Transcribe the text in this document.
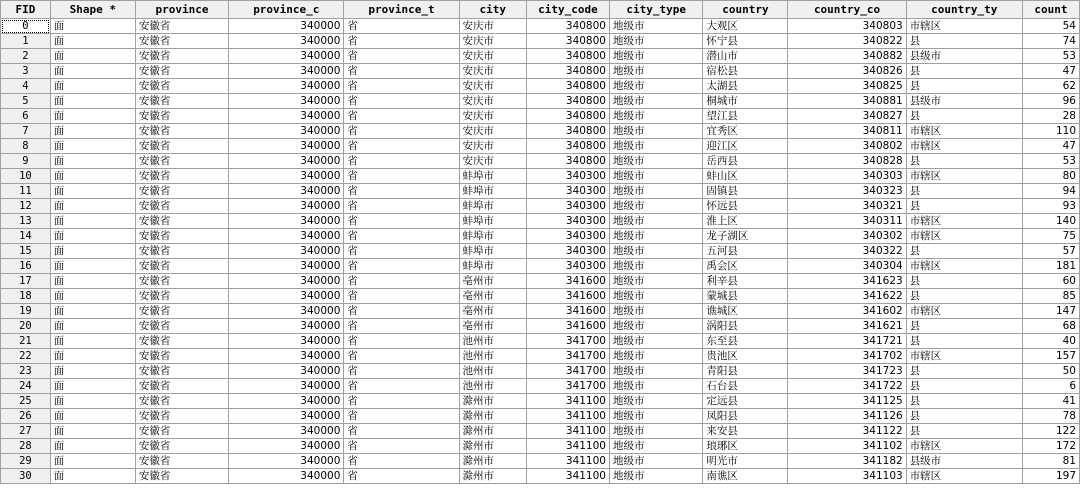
FID	Shape *	province	province_c	province_t	city	city_code	city_type	country	country_co	country_ty	count
0	面	安徽省	340000	省	安庆市	340800	地级市	大观区	340803	市辖区	54
1	面	安徽省	340000	省	安庆市	340800	地级市	怀宁县	340822	县	74
2	面	安徽省	340000	省	安庆市	340800	地级市	潜山市	340882	县级市	53
3	面	安徽省	340000	省	安庆市	340800	地级市	宿松县	340826	县	47
4	面	安徽省	340000	省	安庆市	340800	地级市	太湖县	340825	县	62
5	面	安徽省	340000	省	安庆市	340800	地级市	桐城市	340881	县级市	96
6	面	安徽省	340000	省	安庆市	340800	地级市	望江县	340827	县	28
7	面	安徽省	340000	省	安庆市	340800	地级市	宜秀区	340811	市辖区	110
8	面	安徽省	340000	省	安庆市	340800	地级市	迎江区	340802	市辖区	47
9	面	安徽省	340000	省	安庆市	340800	地级市	岳西县	340828	县	53
10	面	安徽省	340000	省	蚌埠市	340300	地级市	蚌山区	340303	市辖区	80
11	面	安徽省	340000	省	蚌埠市	340300	地级市	固镇县	340323	县	94
12	面	安徽省	340000	省	蚌埠市	340300	地级市	怀远县	340321	县	93
13	面	安徽省	340000	省	蚌埠市	340300	地级市	淮上区	340311	市辖区	140
14	面	安徽省	340000	省	蚌埠市	340300	地级市	龙子湖区	340302	市辖区	75
15	面	安徽省	340000	省	蚌埠市	340300	地级市	五河县	340322	县	57
16	面	安徽省	340000	省	蚌埠市	340300	地级市	禹会区	340304	市辖区	181
17	面	安徽省	340000	省	亳州市	341600	地级市	利辛县	341623	县	60
18	面	安徽省	340000	省	亳州市	341600	地级市	蒙城县	341622	县	85
19	面	安徽省	340000	省	亳州市	341600	地级市	谯城区	341602	市辖区	147
20	面	安徽省	340000	省	亳州市	341600	地级市	涡阳县	341621	县	68
21	面	安徽省	340000	省	池州市	341700	地级市	东至县	341721	县	40
22	面	安徽省	340000	省	池州市	341700	地级市	贵池区	341702	市辖区	157
23	面	安徽省	340000	省	池州市	341700	地级市	青阳县	341723	县	50
24	面	安徽省	340000	省	池州市	341700	地级市	石台县	341722	县	6
25	面	安徽省	340000	省	滁州市	341100	地级市	定远县	341125	县	41
26	面	安徽省	340000	省	滁州市	341100	地级市	凤阳县	341126	县	78
27	面	安徽省	340000	省	滁州市	341100	地级市	来安县	341122	县	122
28	面	安徽省	340000	省	滁州市	341100	地级市	琅琊区	341102	市辖区	172
29	面	安徽省	340000	省	滁州市	341100	地级市	明光市	341182	县级市	81
30	面	安徽省	340000	省	滁州市	341100	地级市	南谯区	341103	市辖区	197
